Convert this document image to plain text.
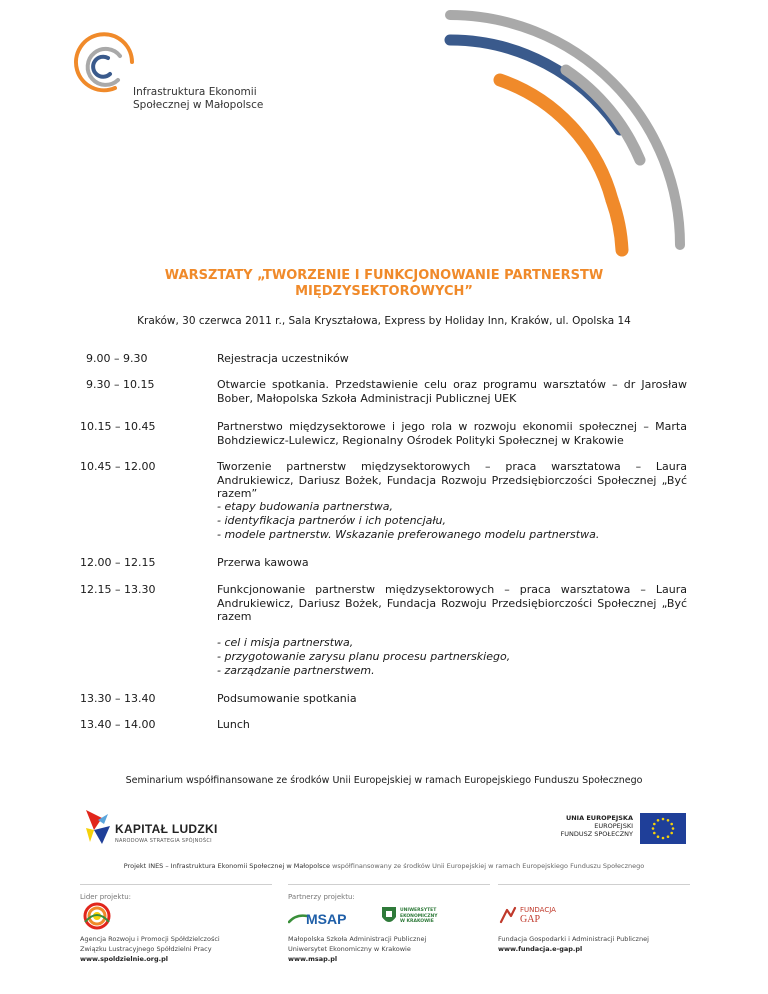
Infrastruktura Ekonomii
Społecznej w Małopolsce
WARSZTATY „TWORZENIE I FUNKCJONOWANIE PARTNERSTW
MIĘDZYSEKTOROWYCH”
Kraków, 30 czerwca 2011 r., Sala Kryształowa, Express by Holiday Inn, Kraków, ul. Opolska 14
9.00 – 9.30	Rejestracja uczestników
9.30 – 10.15	Otwarcie spotkania. Przedstawienie celu oraz programu warsztatów – dr Jarosław Bober, Małopolska Szkoła Administracji Publicznej UEK
10.15 – 10.45	Partnerstwo międzysektorowe i jego rola w rozwoju ekonomii społecznej – Marta Bohdziewicz-Lulewicz, Regionalny Ośrodek Polityki Społecznej w Krakowie
10.45 – 12.00	Tworzenie partnerstw międzysektorowych – praca warsztatowa – Laura Andrukiewicz, Dariusz Bożek, Fundacja Rozwoju Przedsiębiorczości Społecznej „Być razem”
- etapy budowania partnerstwa,
- identyfikacja partnerów i ich potencjału,
- modele partnerstw. Wskazanie preferowanego modelu partnerstwa.
12.00 – 12.15	Przerwa kawowa
12.15 – 13.30	Funkcjonowanie partnerstw międzysektorowych – praca warsztatowa – Laura Andrukiewicz, Dariusz Bożek, Fundacja Rozwoju Przedsiębiorczości Społecznej „Być razem
- cel i misja partnerstwa,
- przygotowanie zarysu planu procesu partnerskiego,
- zarządzanie partnerstwem.
13.30 – 13.40	Podsumowanie spotkania
13.40 – 14.00	Lunch
Seminarium współfinansowane ze środków Unii Europejskiej w ramach Europejskiego Funduszu Społecznego
KAPITAŁ LUDZKI
NARODOWA STRATEGIA SPÓJNOŚCI
UNIA EUROPEJSKA
EUROPEJSKI
FUNDUSZ SPOŁECZNY
Projekt INES – Infrastruktura Ekonomii Społecznej w Małopolsce współfinansowany ze środków Unii Europejskiej w ramach Europejskiego Funduszu Społecznego
Lider projektu:	Partnerzy projektu:
Agencja Rozwoju i Promocji Spółdzielczości
Związku Lustracyjnego Spółdzielni Pracy
www.spoldzielnie.org.pl
MSAP
UNIWERSYTET
EKONOMICZNY
W KRAKOWIE
Małopolska Szkoła Administracji Publicznej
Uniwersytet Ekonomiczny w Krakowie
www.msap.pl
FUNDACJA
GAP
Fundacja Gospodarki i Administracji Publicznej
www.fundacja.e-gap.pl
